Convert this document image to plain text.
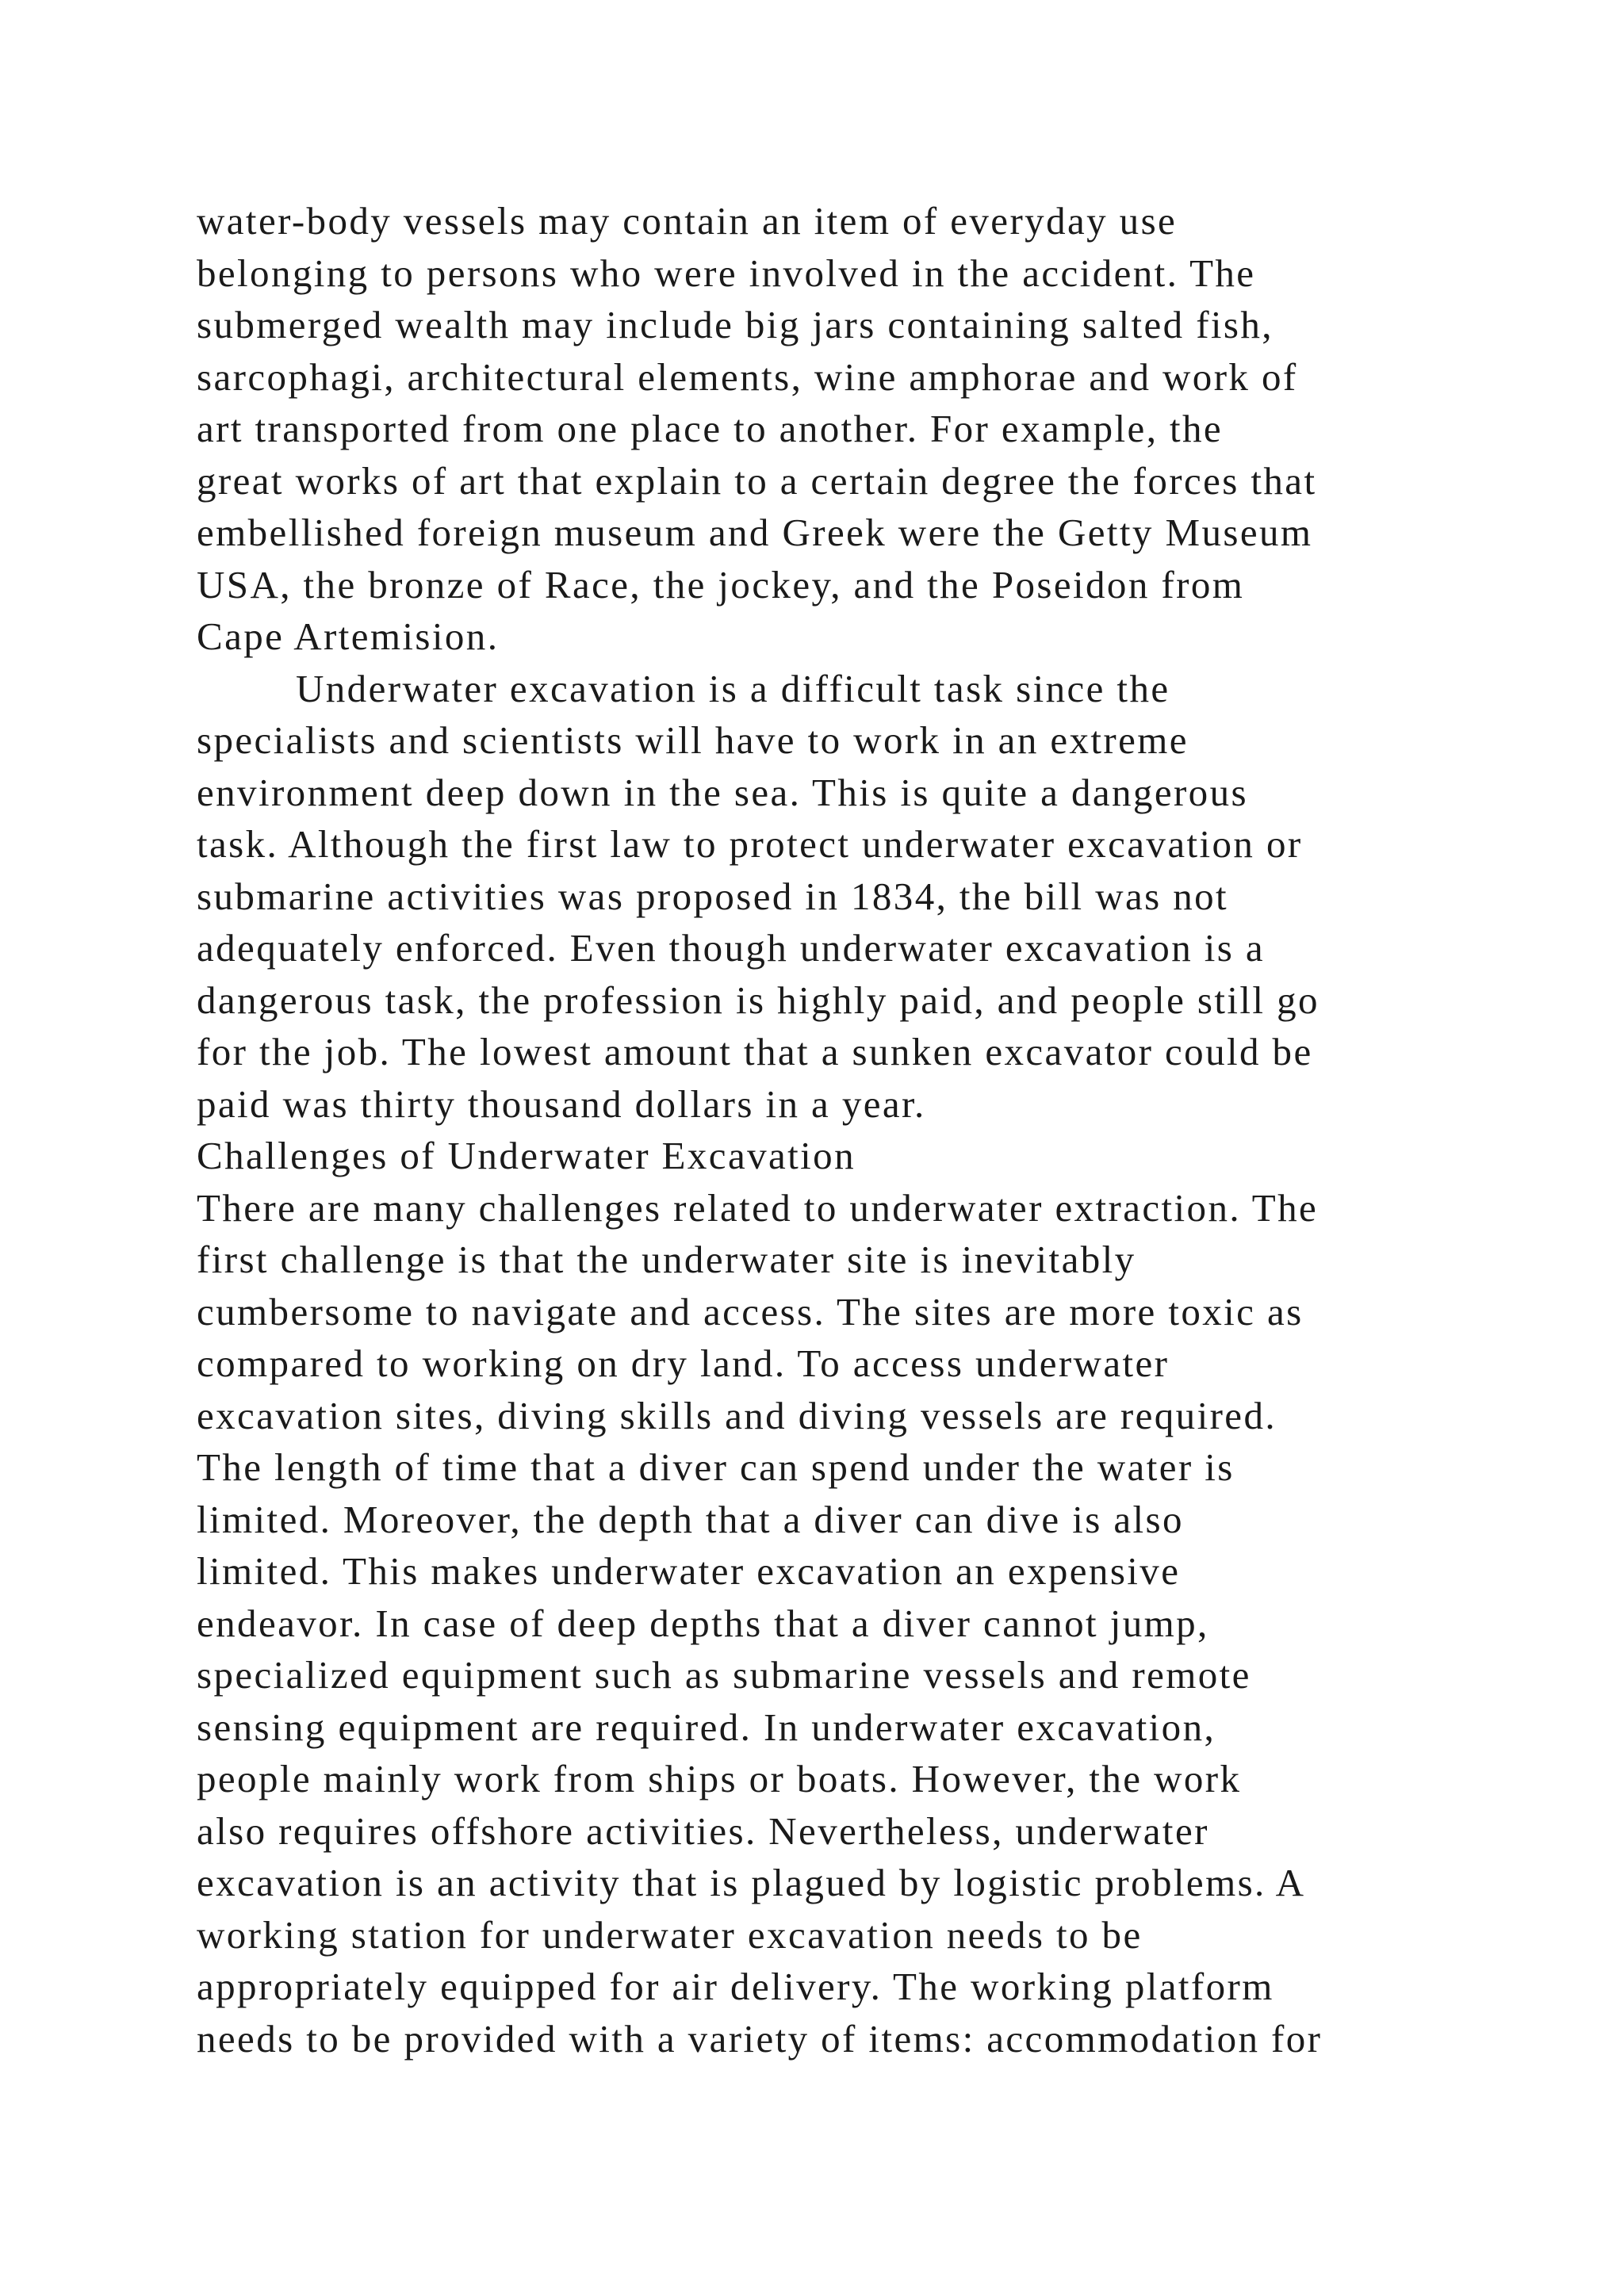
water-body vessels may contain an item of everyday use
belonging to persons who were involved in the accident. The
submerged wealth may include big jars containing salted fish,
sarcophagi, architectural elements, wine amphorae and work of
art transported from one place to another. For example, the
great works of art that explain to a certain degree the forces that
embellished foreign museum and Greek were the Getty Museum
USA, the bronze of Race, the jockey, and the Poseidon from
Cape Artemision.
Underwater excavation is a difficult task since the
specialists and scientists will have to work in an extreme
environment deep down in the sea. This is quite a dangerous
task. Although the first law to protect underwater excavation or
submarine activities was proposed in 1834, the bill was not
adequately enforced. Even though underwater excavation is a
dangerous task, the profession is highly paid, and people still go
for the job. The lowest amount that a sunken excavator could be
paid was thirty thousand dollars in a year.
Challenges of Underwater Excavation
There are many challenges related to underwater extraction. The
first challenge is that the underwater site is inevitably
cumbersome to navigate and access. The sites are more toxic as
compared to working on dry land. To access underwater
excavation sites, diving skills and diving vessels are required.
The length of time that a diver can spend under the water is
limited. Moreover, the depth that a diver can dive is also
limited. This makes underwater excavation an expensive
endeavor. In case of deep depths that a diver cannot jump,
specialized equipment such as submarine vessels and remote
sensing equipment are required. In underwater excavation,
people mainly work from ships or boats. However, the work
also requires offshore activities. Nevertheless, underwater
excavation is an activity that is plagued by logistic problems. A
working station for underwater excavation needs to be
appropriately equipped for air delivery. The working platform
needs to be provided with a variety of items: accommodation for
